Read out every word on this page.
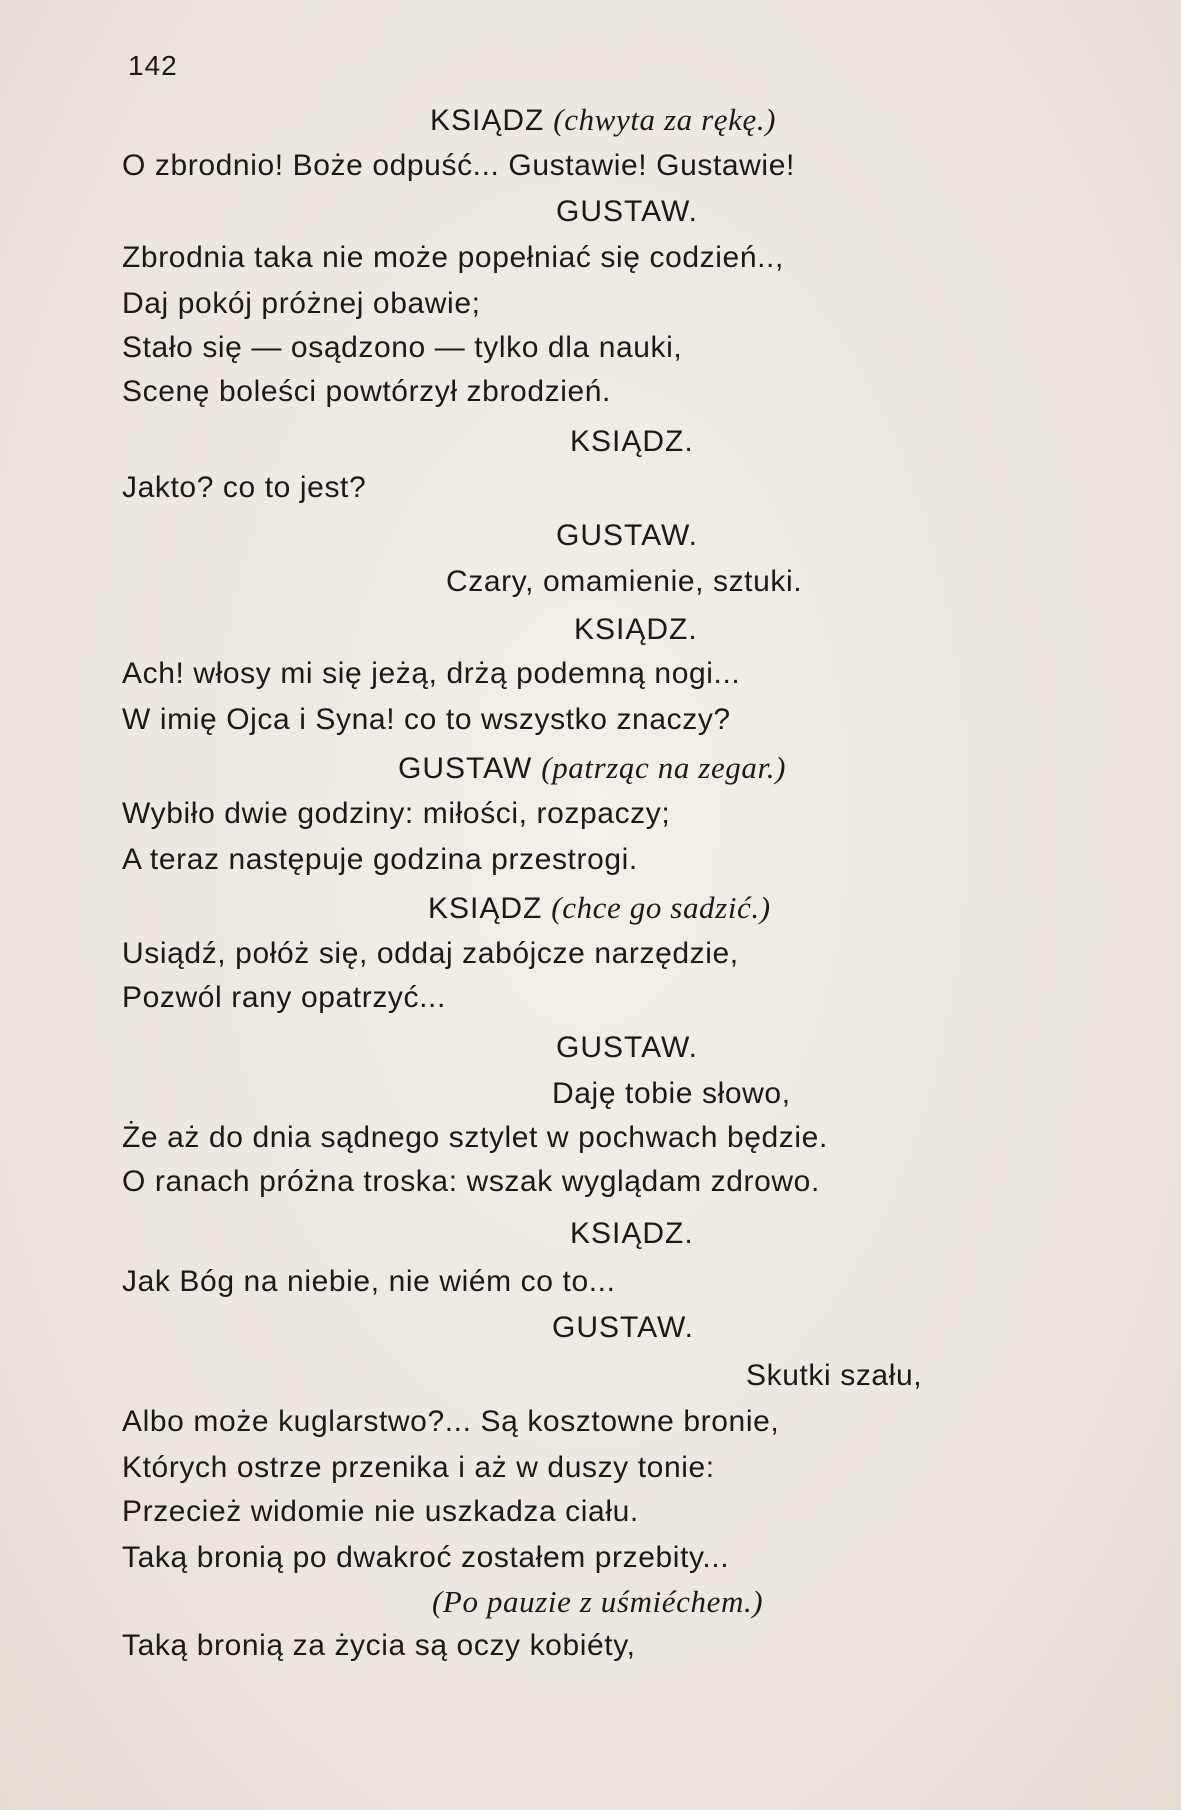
142
KSIĄDZ (chwyta za rękę.)
O zbrodnio! Boże odpuść... Gustawie! Gustawie!
GUSTAW.
Zbrodnia taka nie może popełniać się codzień..,
Daj pokój próżnej obawie;
Stało się — osądzono — tylko dla nauki,
Scenę boleści powtórzył zbrodzień.
KSIĄDZ.
Jakto? co to jest?
GUSTAW.
Czary, omamienie, sztuki.
KSIĄDZ.
Ach! włosy mi się jeżą, drżą podemną nogi...
W imię Ojca i Syna! co to wszystko znaczy?
GUSTAW (patrząc na zegar.)
Wybiło dwie godziny: miłości, rozpaczy;
A teraz następuje godzina przestrogi.
KSIĄDZ (chce go sadzić.)
Usiądź, połóż się, oddaj zabójcze narzędzie,
Pozwól rany opatrzyć...
GUSTAW.
Daję tobie słowo,
Że aż do dnia sądnego sztylet w pochwach będzie.
O ranach próżna troska: wszak wyglądam zdrowo.
KSIĄDZ.
Jak Bóg na niebie, nie wiém co to...
GUSTAW.
Skutki szału,
Albo może kuglarstwo?... Są kosztowne bronie,
Których ostrze przenika i aż w duszy tonie:
Przecież widomie nie uszkadza ciału.
Taką bronią po dwakroć zostałem przebity...
(Po pauzie z uśmiéchem.)
Taką bronią za życia są oczy kobiéty,
